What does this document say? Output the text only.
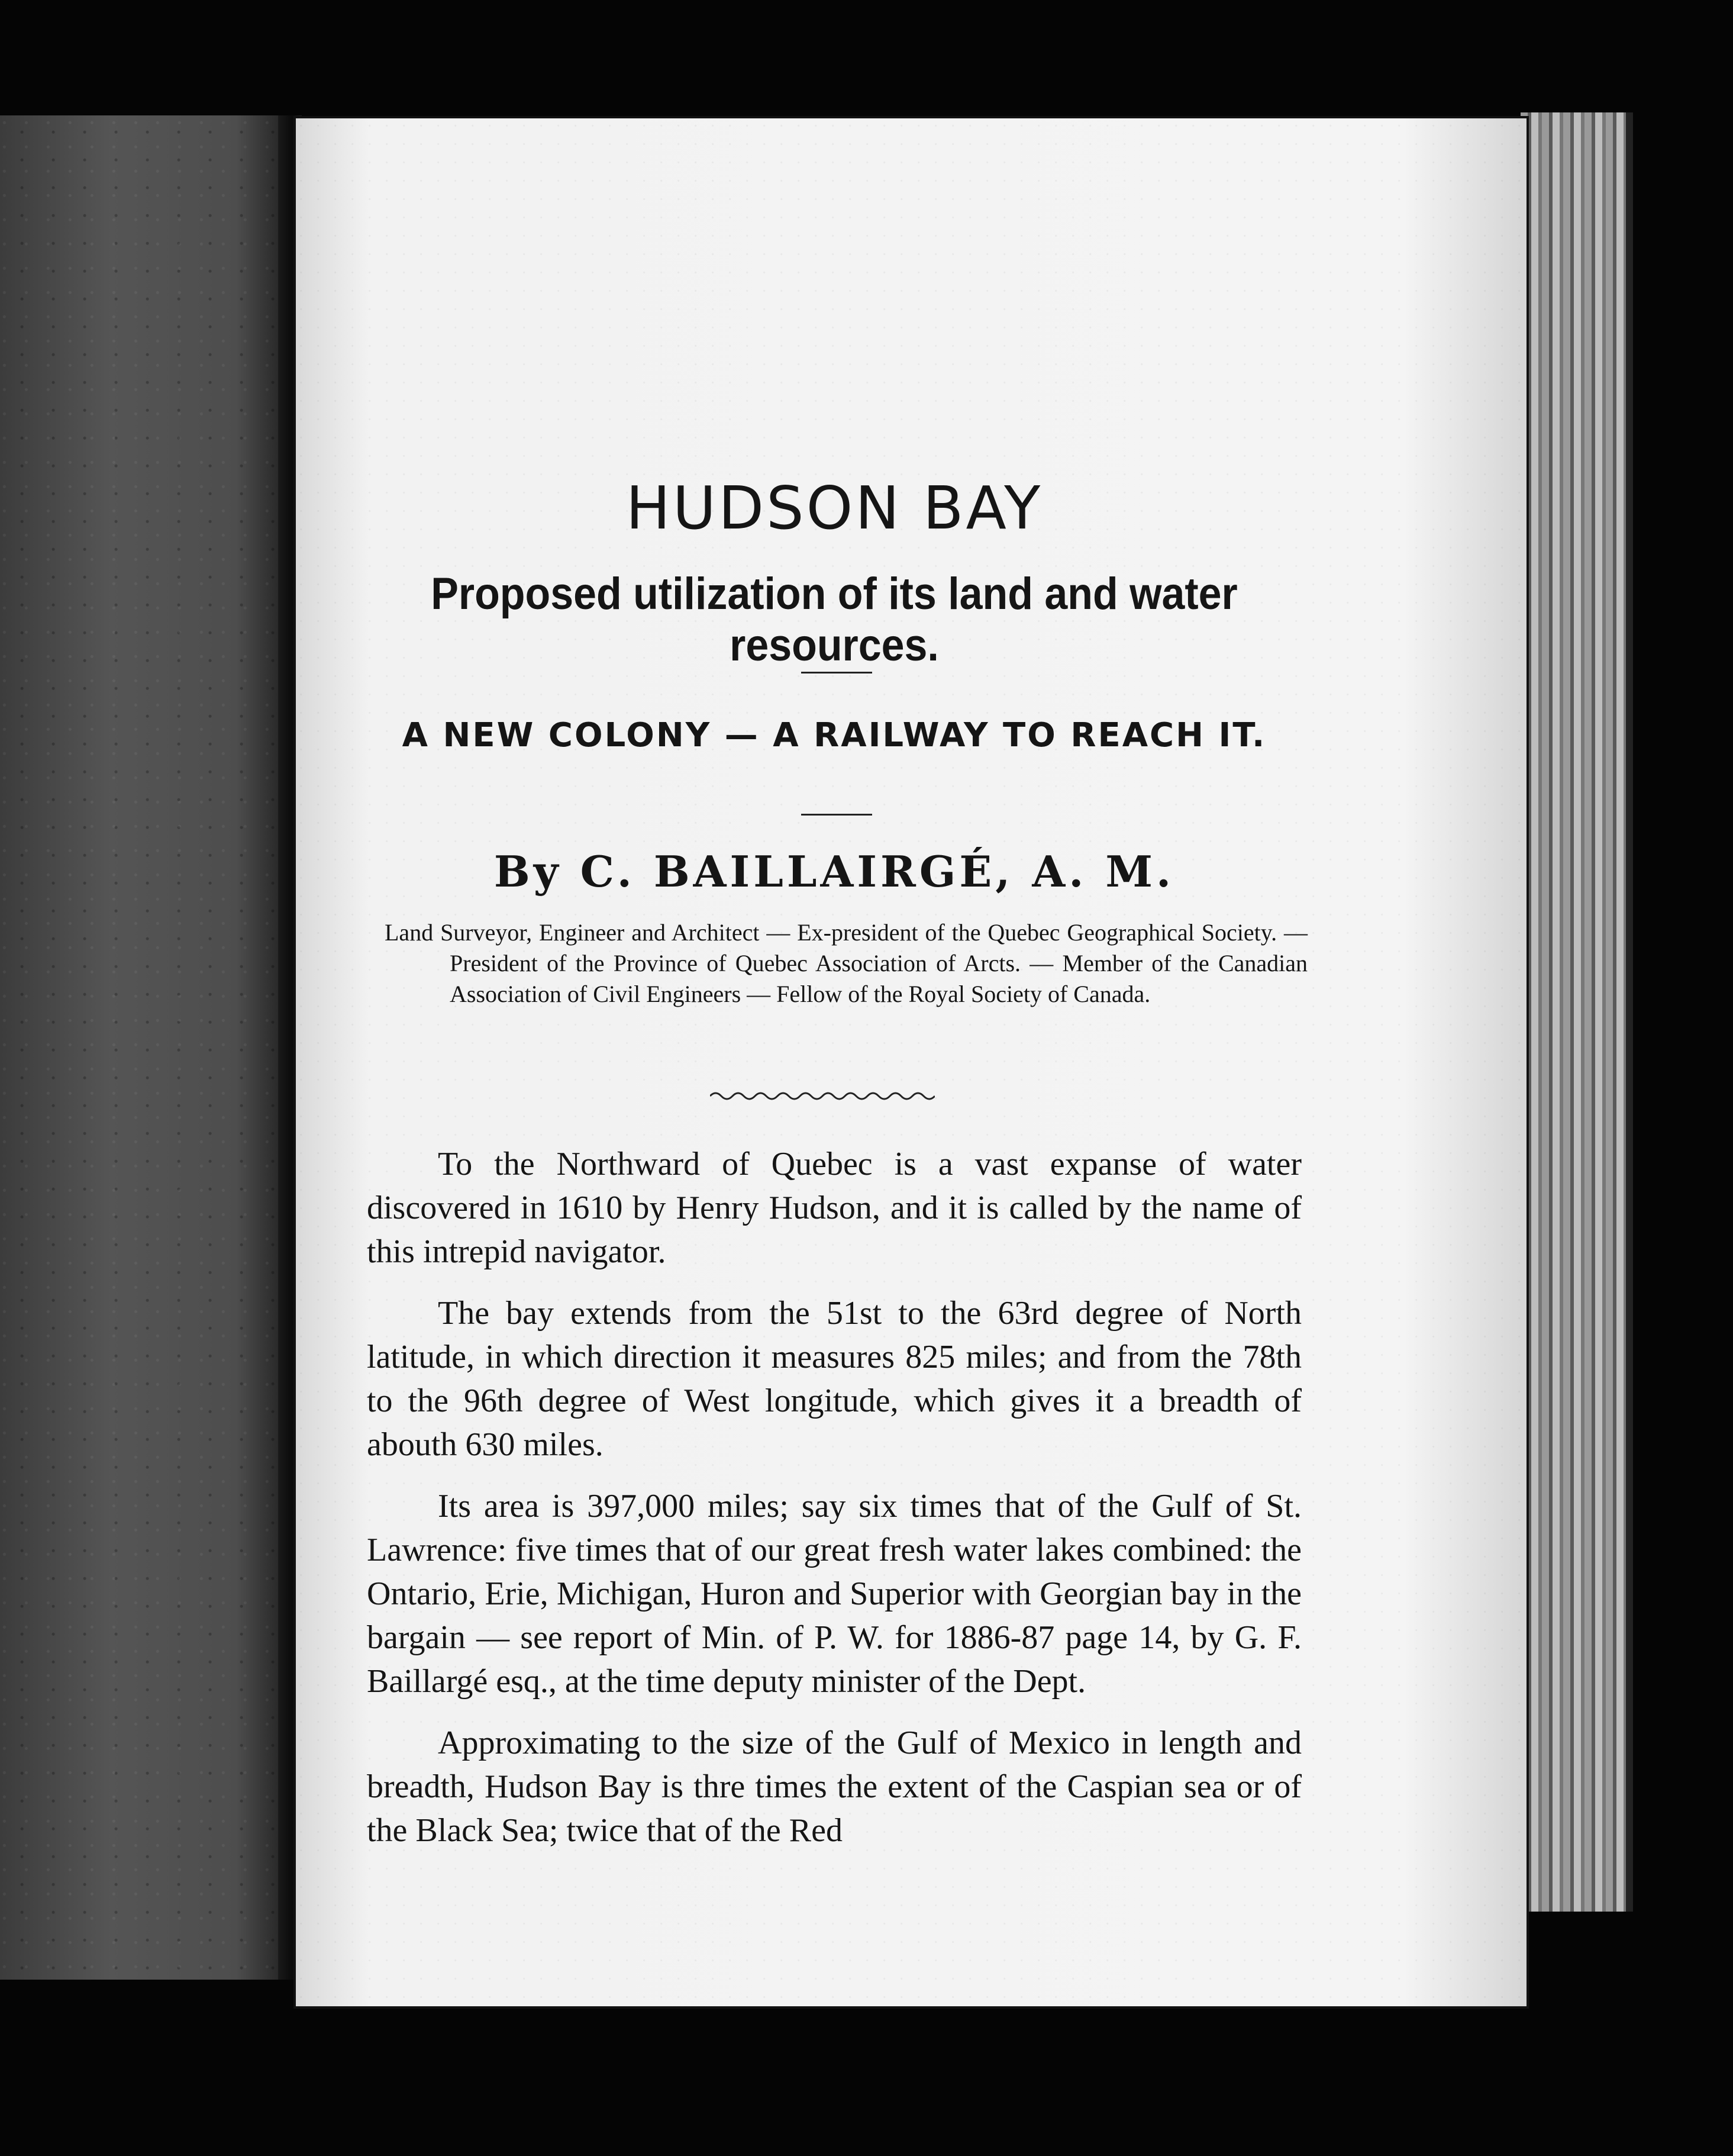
HUDSON BAY
Proposed utilization of its land and water resources.
A NEW COLONY — A RAILWAY TO REACH IT.
By C. BAILLAIRGÉ, A. M.
Land Surveyor, Engineer and Architect — Ex-president of the Quebec Geographical Society. — President of the Province of Quebec Association of Arcts. — Member of the Canadian Association of Civil Engineers — Fellow of the Royal Society of Canada.

To the Northward of Quebec is a vast expanse of water discovered in 1610 by Henry Hudson, and it is called by the name of this intrepid navigator.

The bay extends from the 51st to the 63rd degree of North latitude, in which direction it measures 825 miles; and from the 78th to the 96th degree of West longitude, which gives it a breadth of abouth 630 miles.

Its area is 397,000 miles; say six times that of the Gulf of St. Lawrence: five times that of our great fresh water lakes combined: the Ontario, Erie, Michigan, Huron and Superior with Georgian bay in the bargain — see report of Min. of P. W. for 1886-87 page 14, by G. F. Baillargé esq., at the time deputy minister of the Dept.

Approximating to the size of the Gulf of Mexico in length and breadth, Hudson Bay is thre times the extent of the Caspian sea or of the Black Sea; twice that of the Red
